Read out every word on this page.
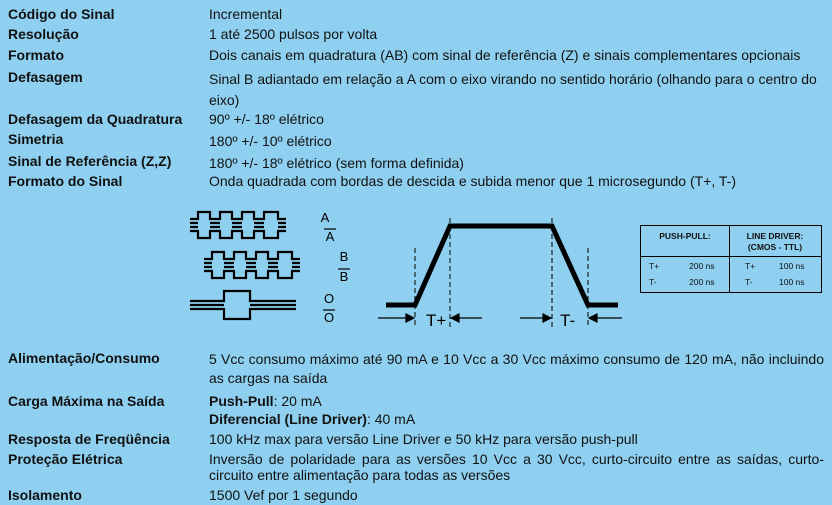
Código do Sinal	Incremental
Resolução	1 até 2500 pulsos por volta
Formato	Dois canais em quadratura (AB) com sinal de referência (Z) e sinais complementares opcionais
Defasagem	Sinal B adiantado em relação a A com o eixo virando no sentido horário (olhando para o centro do eixo)
Defasagem da Quadratura 90º +/- 18º elétrico
Simetria	180º +/- 10º elétrico
Sinal de Referência (Z,Z)	180º +/- 18º elétrico (sem forma definida)
Formato do Sinal	Onda quadrada com bordas de descida e subida menor que 1 microsegundo (T+, T-)
A
A
B
B
O
O	T+	T-
PUSH-PULL:	LINE DRIVER:
(CMOS - TTL)
T+	200 ns	T+	100 ns
T-	200 ns	T-	100 ns
Alimentação/Consumo	5 Vcc consumo máximo até 90 mA e 10 Vcc a 30 Vcc máximo consumo de 120 mA, não incluindo as cargas na saída
Carga Máxima na Saída	Push-Pull: 20 mA
Diferencial (Line Driver): 40 mA
Resposta de Freqüência	100 kHz max para versão Line Driver e 50 kHz para versão push-pull
Proteção Elétrica	Inversão de polaridade para as versões 10 Vcc a 30 Vcc, curto-circuito entre as saídas, curto-circuito entre alimentação para todas as versões
Isolamento	1500 Vef por 1 segundo
